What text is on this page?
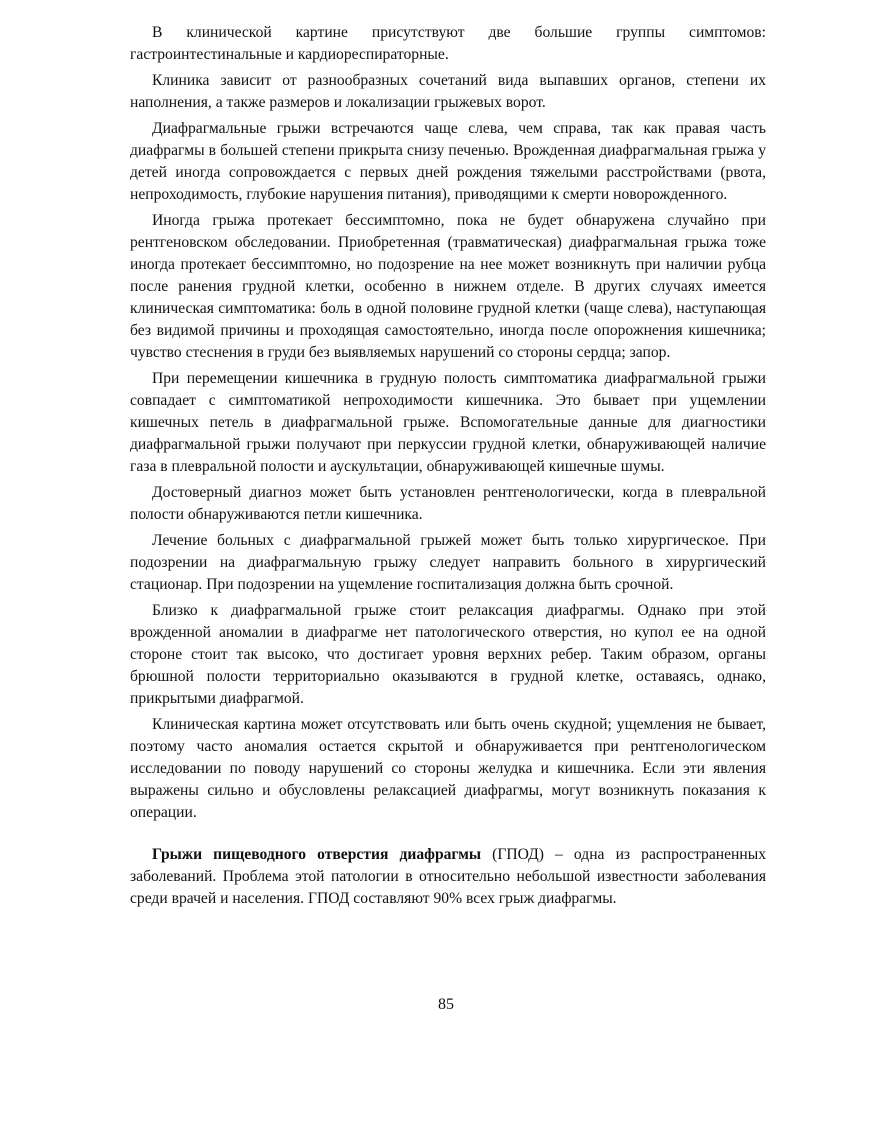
В клинической картине присутствуют две большие группы симптомов: гастроинтестинальные и кардиореспираторные.

Клиника зависит от разнообразных сочетаний вида выпавших органов, степени их наполнения, а также размеров и локализации грыжевых ворот.

Диафрагмальные грыжи встречаются чаще слева, чем справа, так как правая часть диафрагмы в большей степени прикрыта снизу печенью. Врожденная диафрагмальная грыжа у детей иногда сопровождается с первых дней рождения тяжелыми расстройствами (рвота, непроходимость, глубокие нарушения питания), приводящими к смерти новорожденного.

Иногда грыжа протекает бессимптомно, пока не будет обнаружена случайно при рентгеновском обследовании. Приобретенная (травматическая) диафрагмальная грыжа тоже иногда протекает бессимптомно, но подозрение на нее может возникнуть при наличии рубца после ранения грудной клетки, особенно в нижнем отделе. В других случаях имеется клиническая симптоматика: боль в одной половине грудной клетки (чаще слева), наступающая без видимой причины и проходящая самостоятельно, иногда после опорожнения кишечника; чувство стеснения в груди без выявляемых нарушений со стороны сердца; запор.

При перемещении кишечника в грудную полость симптоматика диафрагмальной грыжи совпадает с симптоматикой непроходимости кишечника. Это бывает при ущемлении кишечных петель в диафрагмальной грыже. Вспомогательные данные для диагностики диафрагмальной грыжи получают при перкуссии грудной клетки, обнаруживающей наличие газа в плевральной полости и аускультации, обнаруживающей кишечные шумы.

Достоверный диагноз может быть установлен рентгенологически, когда в плевральной полости обнаруживаются петли кишечника.

Лечение больных с диафрагмальной грыжей может быть только хирургическое. При подозрении на диафрагмальную грыжу следует направить больного в хирургический стационар. При подозрении на ущемление госпитализация должна быть срочной.

Близко к диафрагмальной грыже стоит релаксация диафрагмы. Однако при этой врожденной аномалии в диафрагме нет патологического отверстия, но купол ее на одной стороне стоит так высоко, что достигает уровня верхних ребер. Таким образом, органы брюшной полости территориально оказываются в грудной клетке, оставаясь, однако, прикрытыми диафрагмой.

Клиническая картина может отсутствовать или быть очень скудной; ущемления не бывает, поэтому часто аномалия остается скрытой и обнаруживается при рентгенологическом исследовании по поводу нарушений со стороны желудка и кишечника. Если эти явления выражены сильно и обусловлены релаксацией диафрагмы, могут возникнуть показания к операции.

Грыжи пищеводного отверстия диафрагмы (ГПОД) – одна из распространенных заболеваний. Проблема этой патологии в относительно небольшой известности заболевания среди врачей и населения. ГПОД составляют 90% всех грыж диафрагмы.

85
